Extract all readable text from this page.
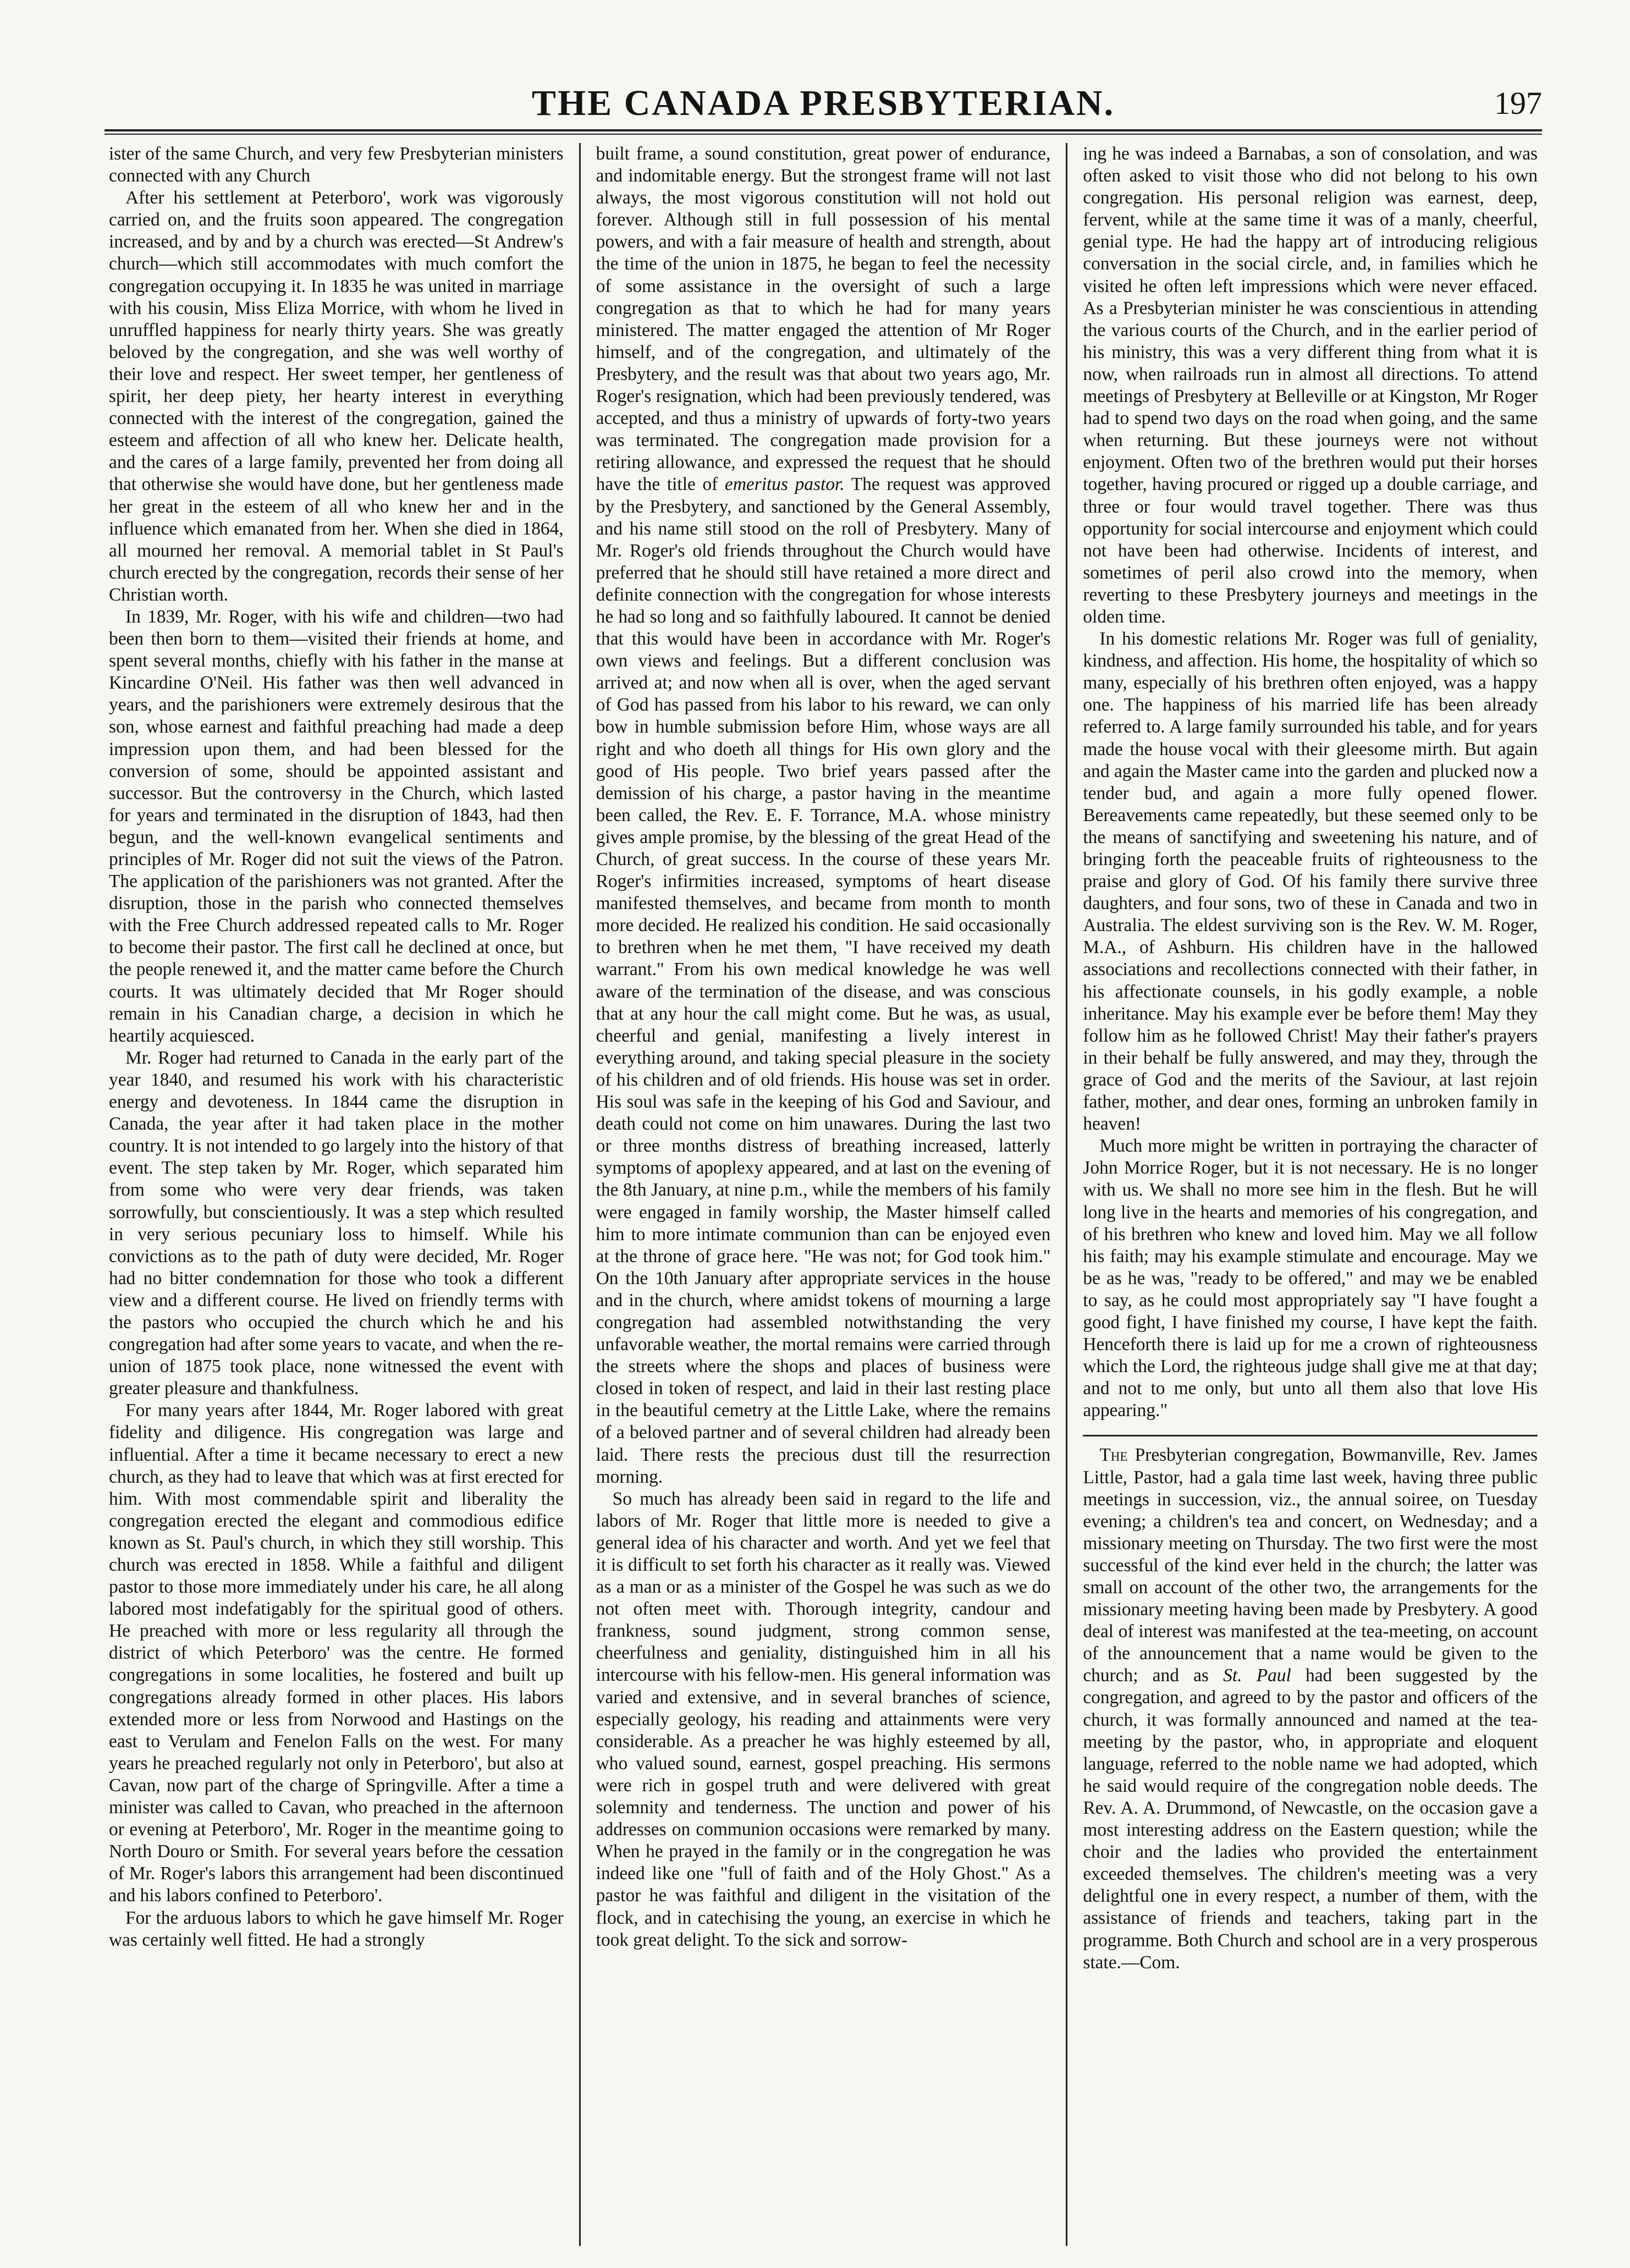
THE CANADA PRESBYTERIAN.	197

ister of the same Church, and very few Presbyterian ministers connected with any Church

After his settlement at Peterboro', work was vigorously carried on, and the fruits soon appeared. The congregation increased, and by and by a church was erected—St Andrew's church—which still accommodates with much comfort the congregation occupying it. In 1835 he was united in marriage with his cousin, Miss Eliza Morrice, with whom he lived in unruffled happiness for nearly thirty years. She was greatly beloved by the congregation, and she was well worthy of their love and respect. Her sweet temper, her gentleness of spirit, her deep piety, her hearty interest in everything connected with the interest of the congregation, gained the esteem and affection of all who knew her. Delicate health, and the cares of a large family, prevented her from doing all that otherwise she would have done, but her gentleness made her great in the esteem of all who knew her and in the influence which emanated from her. When she died in 1864, all mourned her removal. A memorial tablet in St Paul's church erected by the congregation, records their sense of her Christian worth.

In 1839, Mr. Roger, with his wife and children—two had been then born to them—visited their friends at home, and spent several months, chiefly with his father in the manse at Kincardine O'Neil. His father was then well advanced in years, and the parishioners were extremely desirous that the son, whose earnest and faithful preaching had made a deep impression upon them, and had been blessed for the conversion of some, should be appointed assistant and successor. But the controversy in the Church, which lasted for years and terminated in the disruption of 1843, had then begun, and the well-known evangelical sentiments and principles of Mr. Roger did not suit the views of the Patron. The application of the parishioners was not granted. After the disruption, those in the parish who connected themselves with the Free Church addressed repeated calls to Mr. Roger to become their pastor. The first call he declined at once, but the people renewed it, and the matter came before the Church courts. It was ultimately decided that Mr Roger should remain in his Canadian charge, a decision in which he heartily acquiesced.

Mr. Roger had returned to Canada in the early part of the year 1840, and resumed his work with his characteristic energy and devoteness. In 1844 came the disruption in Canada, the year after it had taken place in the mother country. It is not intended to go largely into the history of that event. The step taken by Mr. Roger, which separated him from some who were very dear friends, was taken sorrowfully, but conscientiously. It was a step which resulted in very serious pecuniary loss to himself. While his convictions as to the path of duty were decided, Mr. Roger had no bitter condemnation for those who took a different view and a different course. He lived on friendly terms with the pastors who occupied the church which he and his congregation had after some years to vacate, and when the re-union of 1875 took place, none witnessed the event with greater pleasure and thankfulness.

For many years after 1844, Mr. Roger labored with great fidelity and diligence. His congregation was large and influential. After a time it became necessary to erect a new church, as they had to leave that which was at first erected for him. With most commendable spirit and liberality the congregation erected the elegant and commodious edifice known as St. Paul's church, in which they still worship. This church was erected in 1858. While a faithful and diligent pastor to those more immediately under his care, he all along labored most indefatigably for the spiritual good of others. He preached with more or less regularity all through the district of which Peterboro' was the centre. He formed congregations in some localities, he fostered and built up congregations already formed in other places. His labors extended more or less from Norwood and Hastings on the east to Verulam and Fenelon Falls on the west. For many years he preached regularly not only in Peterboro', but also at Cavan, now part of the charge of Springville. After a time a minister was called to Cavan, who preached in the afternoon or evening at Peterboro', Mr. Roger in the meantime going to North Douro or Smith. For several years before the cessation of Mr. Roger's labors this arrangement had been discontinued and his labors confined to Peterboro'.

For the arduous labors to which he gave himself Mr. Roger was certainly well fitted. He had a strongly

built frame, a sound constitution, great power of endurance, and indomitable energy. But the strongest frame will not last always, the most vigorous constitution will not hold out forever. Although still in full possession of his mental powers, and with a fair measure of health and strength, about the time of the union in 1875, he began to feel the necessity of some assistance in the oversight of such a large congregation as that to which he had for many years ministered. The matter engaged the attention of Mr Roger himself, and of the congregation, and ultimately of the Presbytery, and the result was that about two years ago, Mr. Roger's resignation, which had been previously tendered, was accepted, and thus a ministry of upwards of forty-two years was terminated. The congregation made provision for a retiring allowance, and expressed the request that he should have the title of emeritus pastor. The request was approved by the Presbytery, and sanctioned by the General Assembly, and his name still stood on the roll of Presbytery. Many of Mr. Roger's old friends throughout the Church would have preferred that he should still have retained a more direct and definite connection with the congregation for whose interests he had so long and so faithfully laboured. It cannot be denied that this would have been in accordance with Mr. Roger's own views and feelings. But a different conclusion was arrived at; and now when all is over, when the aged servant of God has passed from his labor to his reward, we can only bow in humble submission before Him, whose ways are all right and who doeth all things for His own glory and the good of His people. Two brief years passed after the demission of his charge, a pastor having in the meantime been called, the Rev. E. F. Torrance, M.A. whose ministry gives ample promise, by the blessing of the great Head of the Church, of great success. In the course of these years Mr. Roger's infirmities increased, symptoms of heart disease manifested themselves, and became from month to month more decided. He realized his condition. He said occasionally to brethren when he met them, "I have received my death warrant." From his own medical knowledge he was well aware of the termination of the disease, and was conscious that at any hour the call might come. But he was, as usual, cheerful and genial, manifesting a lively interest in everything around, and taking special pleasure in the society of his children and of old friends. His house was set in order. His soul was safe in the keeping of his God and Saviour, and death could not come on him unawares. During the last two or three months distress of breathing increased, latterly symptoms of apoplexy appeared, and at last on the evening of the 8th January, at nine p.m., while the members of his family were engaged in family worship, the Master himself called him to more intimate communion than can be enjoyed even at the throne of grace here. "He was not; for God took him." On the 10th January after appropriate services in the house and in the church, where amidst tokens of mourning a large congregation had assembled notwithstanding the very unfavorable weather, the mortal remains were carried through the streets where the shops and places of business were closed in token of respect, and laid in their last resting place in the beautiful cemetry at the Little Lake, where the remains of a beloved partner and of several children had already been laid. There rests the precious dust till the resurrection morning.

So much has already been said in regard to the life and labors of Mr. Roger that little more is needed to give a general idea of his character and worth. And yet we feel that it is difficult to set forth his character as it really was. Viewed as a man or as a minister of the Gospel he was such as we do not often meet with. Thorough integrity, candour and frankness, sound judgment, strong common sense, cheerfulness and geniality, distinguished him in all his intercourse with his fellow-men. His general information was varied and extensive, and in several branches of science, especially geology, his reading and attainments were very considerable. As a preacher he was highly esteemed by all, who valued sound, earnest, gospel preaching. His sermons were rich in gospel truth and were delivered with great solemnity and tenderness. The unction and power of his addresses on communion occasions were remarked by many. When he prayed in the family or in the congregation he was indeed like one "full of faith and of the Holy Ghost." As a pastor he was faithful and diligent in the visitation of the flock, and in catechising the young, an exercise in which he took great delight. To the sick and sorrow-

ing he was indeed a Barnabas, a son of consolation, and was often asked to visit those who did not belong to his own congregation. His personal religion was earnest, deep, fervent, while at the same time it was of a manly, cheerful, genial type. He had the happy art of introducing religious conversation in the social circle, and, in families which he visited he often left impressions which were never effaced. As a Presbyterian minister he was conscientious in attending the various courts of the Church, and in the earlier period of his ministry, this was a very different thing from what it is now, when railroads run in almost all directions. To attend meetings of Presbytery at Belleville or at Kingston, Mr Roger had to spend two days on the road when going, and the same when returning. But these journeys were not without enjoyment. Often two of the brethren would put their horses together, having procured or rigged up a double carriage, and three or four would travel together. There was thus opportunity for social intercourse and enjoyment which could not have been had otherwise. Incidents of interest, and sometimes of peril also crowd into the memory, when reverting to these Presbytery journeys and meetings in the olden time.

In his domestic relations Mr. Roger was full of geniality, kindness, and affection. His home, the hospitality of which so many, especially of his brethren often enjoyed, was a happy one. The happiness of his married life has been already referred to. A large family surrounded his table, and for years made the house vocal with their gleesome mirth. But again and again the Master came into the garden and plucked now a tender bud, and again a more fully opened flower. Bereavements came repeatedly, but these seemed only to be the means of sanctifying and sweetening his nature, and of bringing forth the peaceable fruits of righteousness to the praise and glory of God. Of his family there survive three daughters, and four sons, two of these in Canada and two in Australia. The eldest surviving son is the Rev. W. M. Roger, M.A., of Ashburn. His children have in the hallowed associations and recollections connected with their father, in his affectionate counsels, in his godly example, a noble inheritance. May his example ever be before them! May they follow him as he followed Christ! May their father's prayers in their behalf be fully answered, and may they, through the grace of God and the merits of the Saviour, at last rejoin father, mother, and dear ones, forming an unbroken family in heaven!

Much more might be written in portraying the character of John Morrice Roger, but it is not necessary. He is no longer with us. We shall no more see him in the flesh. But he will long live in the hearts and memories of his congregation, and of his brethren who knew and loved him. May we all follow his faith; may his example stimulate and encourage. May we be as he was, "ready to be offered," and may we be enabled to say, as he could most appropriately say "I have fought a good fight, I have finished my course, I have kept the faith. Henceforth there is laid up for me a crown of righteousness which the Lord, the righteous judge shall give me at that day; and not to me only, but unto all them also that love His appearing."

The Presbyterian congregation, Bowmanville, Rev. James Little, Pastor, had a gala time last week, having three public meetings in succession, viz., the annual soiree, on Tuesday evening; a children's tea and concert, on Wednesday; and a missionary meeting on Thursday. The two first were the most successful of the kind ever held in the church; the latter was small on account of the other two, the arrangements for the missionary meeting having been made by Presbytery. A good deal of interest was manifested at the tea-meeting, on account of the announcement that a name would be given to the church; and as St. Paul had been suggested by the congregation, and agreed to by the pastor and officers of the church, it was formally announced and named at the tea-meeting by the pastor, who, in appropriate and eloquent language, referred to the noble name we had adopted, which he said would require of the congregation noble deeds. The Rev. A. A. Drummond, of Newcastle, on the occasion gave a most interesting address on the Eastern question; while the choir and the ladies who provided the entertainment exceeded themselves. The children's meeting was a very delightful one in every respect, a number of them, with the assistance of friends and teachers, taking part in the programme. Both Church and school are in a very prosperous state.—Com.
